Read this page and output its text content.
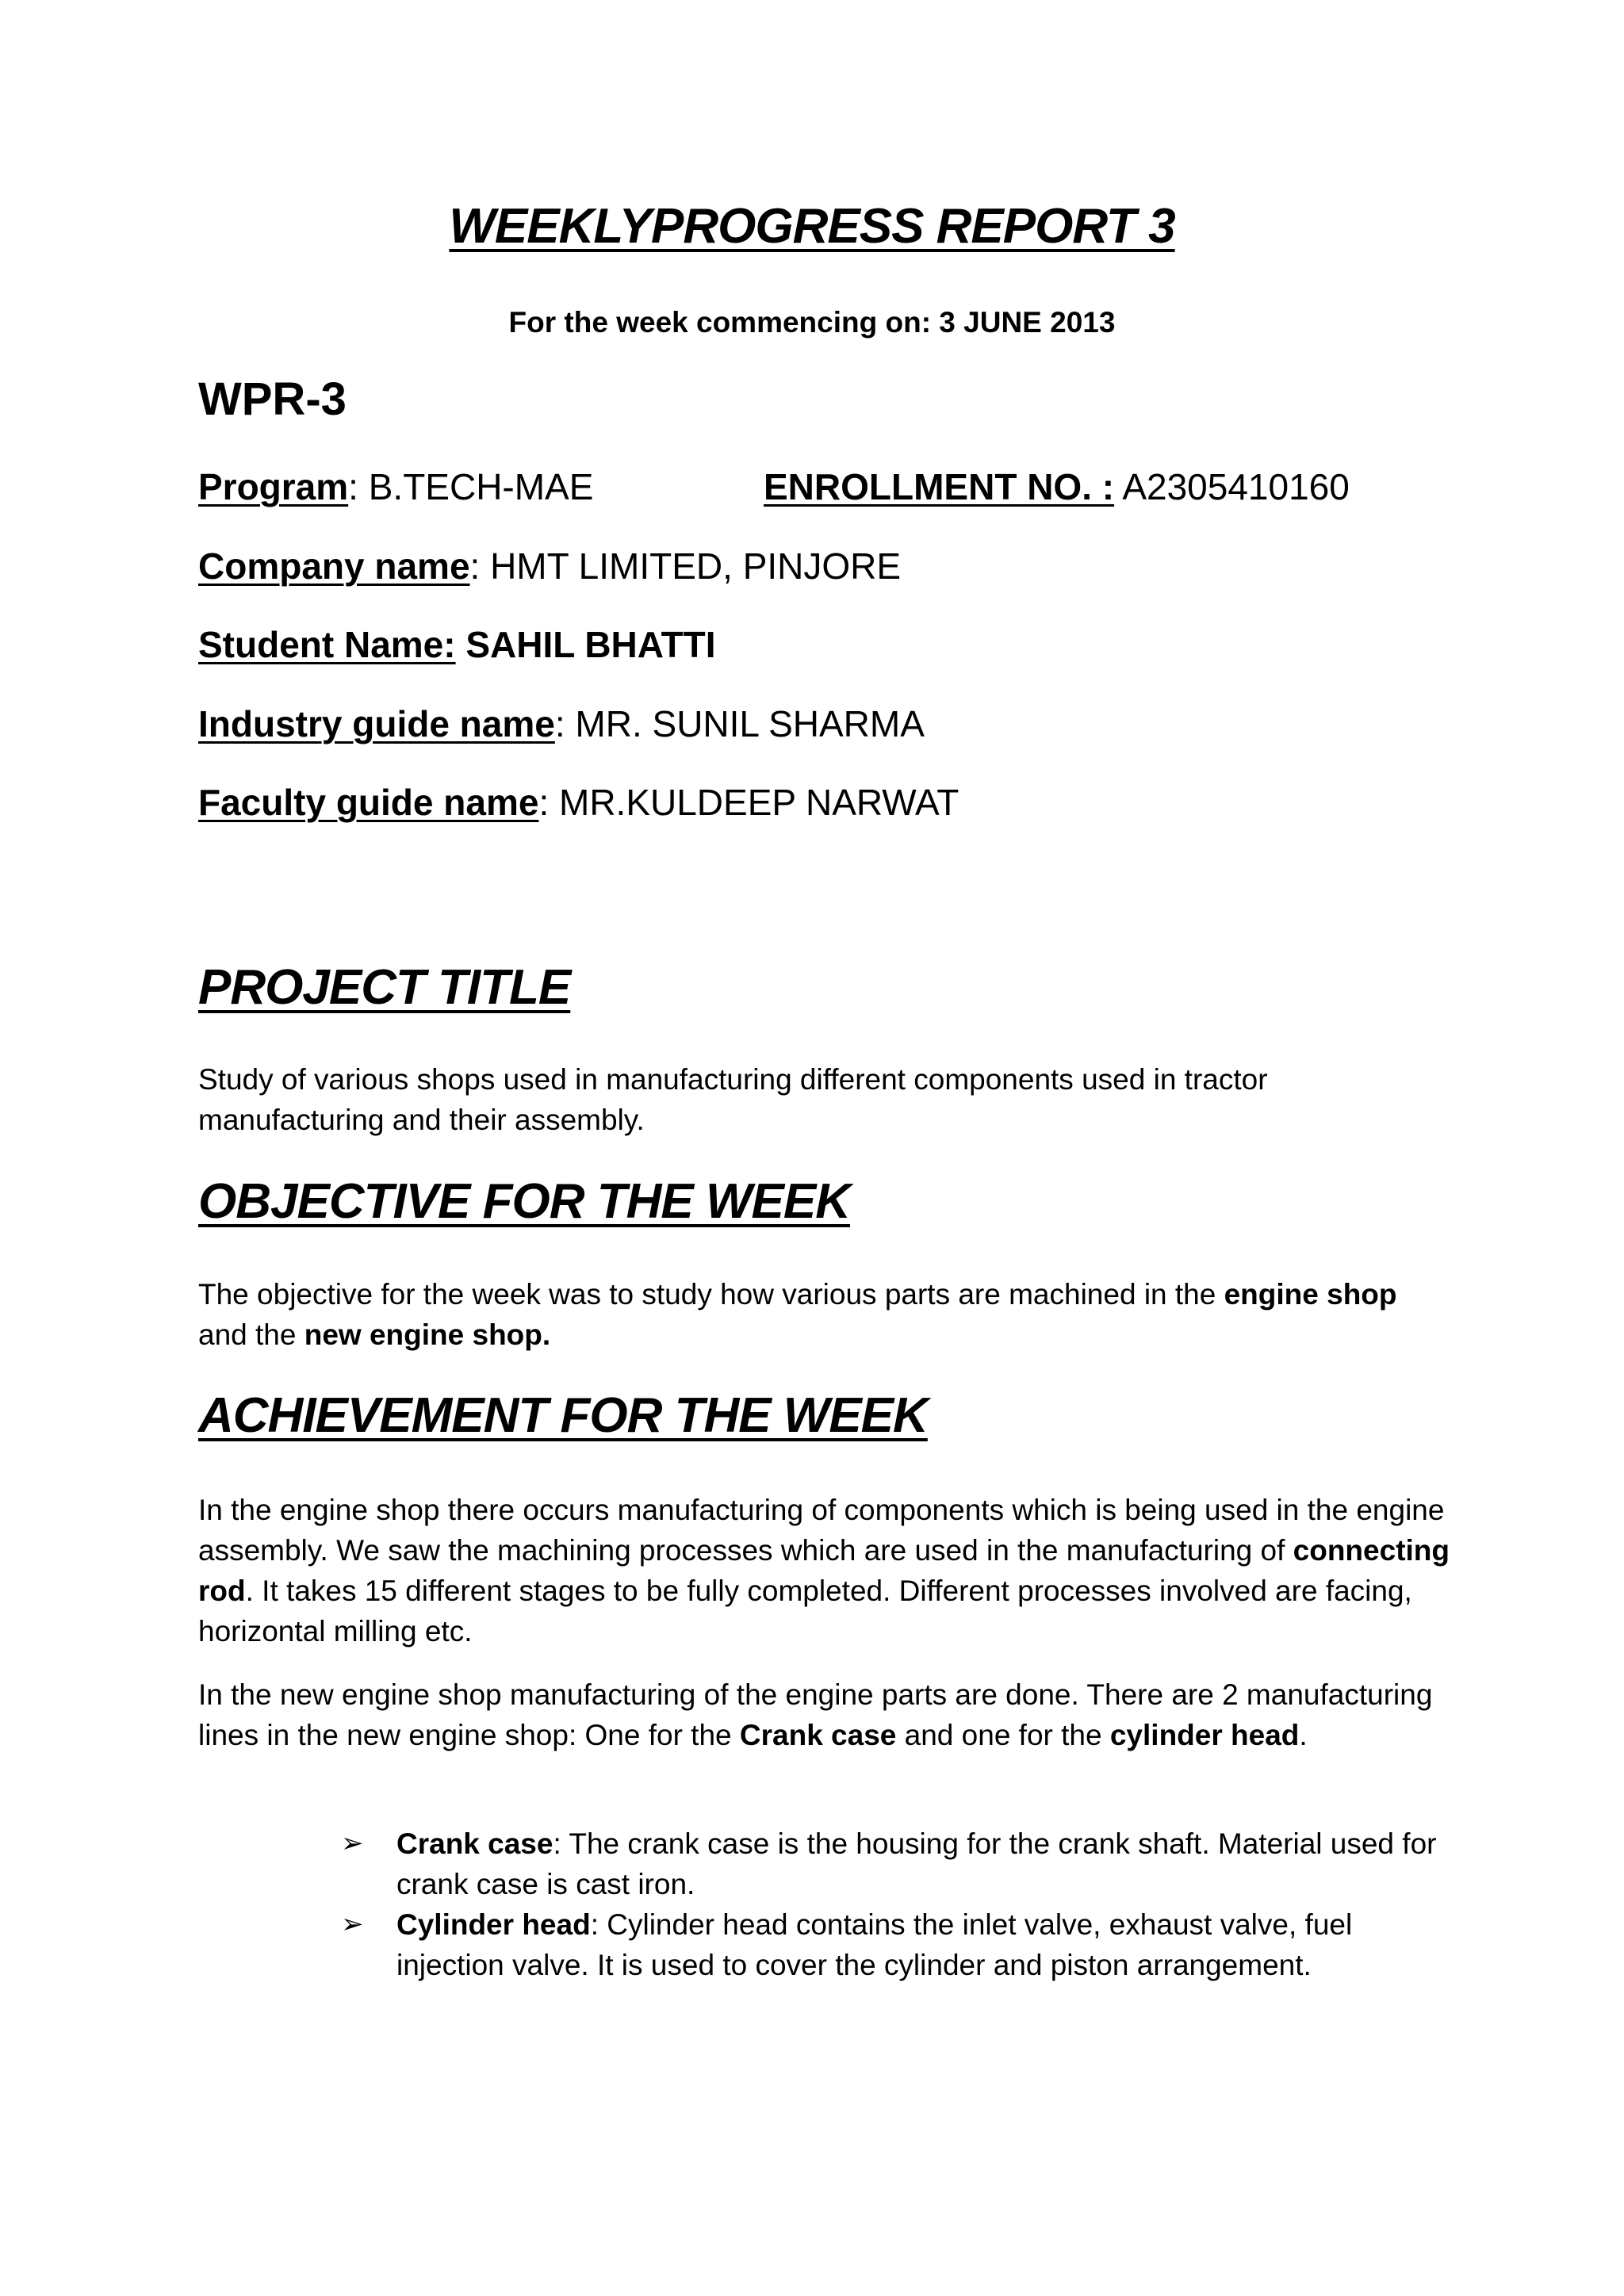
WEEKLYPROGRESS REPORT 3
For the week commencing on: 3 JUNE 2013
WPR-3
Program: B.TECH-MAE	ENROLLMENT NO. : A2305410160
Company name: HMT LIMITED, PINJORE
Student Name: SAHIL BHATTI
Industry guide name: MR. SUNIL SHARMA
Faculty guide name: MR.KULDEEP NARWAT
PROJECT TITLE
Study of various shops used in manufacturing different components used in tractor manufacturing and their assembly.
OBJECTIVE FOR THE WEEK
The objective for the week was to study how various parts are machined in the engine shop and the new engine shop.
ACHIEVEMENT FOR THE WEEK
In the engine shop there occurs manufacturing of components which is being used in the engine assembly. We saw the machining processes which are used in the manufacturing of connecting rod. It takes 15 different stages to be fully completed. Different processes involved are facing, horizontal milling etc.
In the new engine shop manufacturing of the engine parts are done. There are 2 manufacturing lines in the new engine shop: One for the Crank case and one for the cylinder head.
➢ Crank case: The crank case is the housing for the crank shaft. Material used for crank case is cast iron.
➢ Cylinder head: Cylinder head contains the inlet valve, exhaust valve, fuel injection valve. It is used to cover the cylinder and piston arrangement.
